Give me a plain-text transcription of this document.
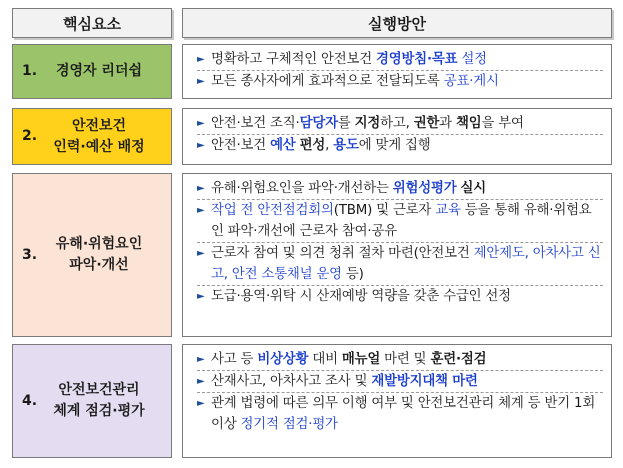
핵심요소	실행방안
1. 경영자 리더쉽
► 명확하고 구체적인 안전보건 경영방침·목표 설정
► 모든 종사자에게 효과적으로 전달되도록 공표·게시
2.
안전보건
인력·예산 배정
► 안전·보건 조직·담당자를 지정하고, 권한과 책임을 부여
► 안전·보건 예산 편성, 용도에 맞게 집행
3.
유해·위험요인
파악·개선
► 유해·위험요인을 파악·개선하는 위험성평가 실시
► 작업 전 안전점검회의(TBM) 및 근로자 교육 등을 통해 유해·위험요인 파악·개선에 근로자 참여·공유
► 근로자 참여 및 의견 청취 절차 마련(안전보건 제안제도, 아차사고 신고, 안전 소통채널 운영 등)
► 도급·용역·위탁 시 산재예방 역량을 갖춘 수급인 선정
4.
안전보건관리
체계 점검·평가
► 사고 등 비상상황 대비 매뉴얼 마련 및 훈련·점검
► 산재사고, 아차사고 조사 및 재발방지대책 마련
► 관계 법령에 따른 의무 이행 여부 및 안전보건관리 체계 등 반기 1회 이상 정기적 점검·평가
